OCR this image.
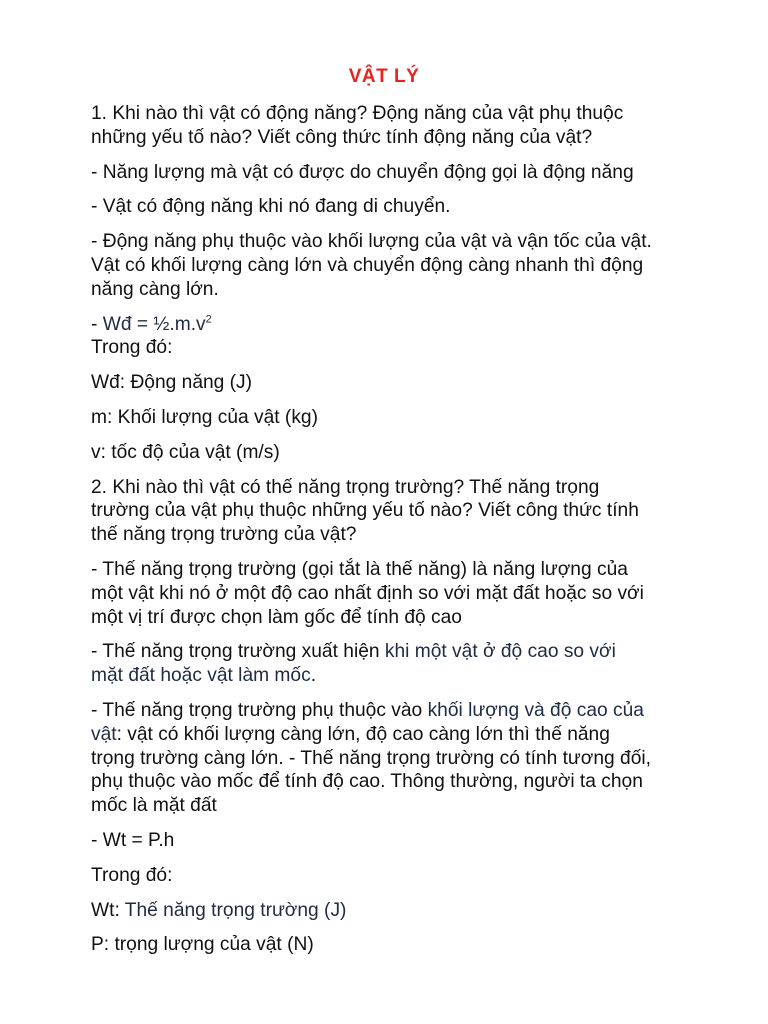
VẬT LÝ

1. Khi nào thì vật có động năng? Động năng của vật phụ thuộc

những yếu tố nào? Viết công thức tính động năng của vật?

- Năng lượng mà vật có được do chuyển động gọi là động năng

- Vật có động năng khi nó đang di chuyển.

- Động năng phụ thuộc vào khối lượng của vật và vận tốc của vật.

Vật có khối lượng càng lớn và chuyển động càng nhanh thì động

năng càng lớn.

- Wđ = $\frac{1}{2}.m.v^2$

Trong đó:

Wđ: Động năng (J)

m: Khối lượng của vật (kg)

v: tốc độ của vật (m/s)

2. Khi nào thì vật có thế năng trọng trường? Thế năng trọng

trường của vật phụ thuộc những yếu tố nào? Viết công thức tính

thế năng trọng trường của vật?

- Thế năng trọng trường (gọi tắt là thế năng) là năng lượng của

một vật khi nó ở một độ cao nhất định so với mặt đất hoặc so với

một vị trí được chọn làm gốc để tính độ cao

- Thế năng trọng trường xuất hiện khi một vật ở độ cao so với

mặt đất hoặc vật làm mốc.

- Thế năng trọng trường phụ thuộc vào khối lượng và độ cao của

vật: vật có khối lượng càng lớn, độ cao càng lớn thì thế năng

trọng trường càng lớn. - Thế năng trọng trường có tính tương đối,

phụ thuộc vào mốc để tính độ cao. Thông thường, người ta chọn

mốc là mặt đất

- Wt = P.h

Trong đó:

Wt: Thế năng trọng trường (J)

P: trọng lượng của vật (N)
